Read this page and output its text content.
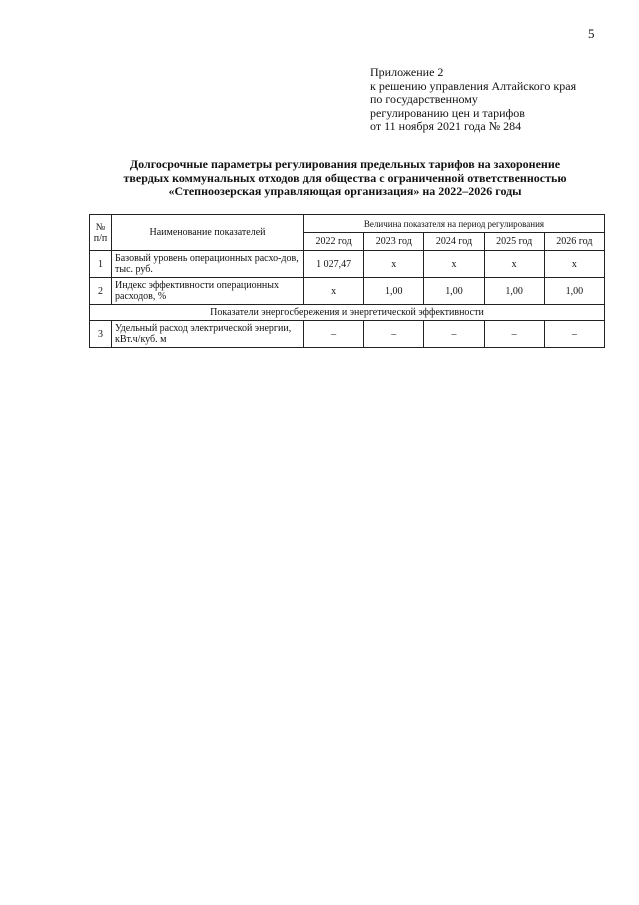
5
Приложение 2
к решению управления Алтайского края
по государственному
регулированию цен и тарифов
от 11 ноября 2021 года № 284
Долгосрочные параметры регулирования предельных тарифов на захоронение
твердых коммунальных отходов для общества с ограниченной ответственностью
«Степноозерская управляющая организация» на 2022–2026 годы
№ п/п	Наименование показателей	Величина показателя на период регулирования				
		2022 год	2023 год	2024 год	2025 год	2026 год
1	Базовый уровень операционных расхо-дов, тыс. руб.	1 027,47	х	х	х	х
2	Индекс эффективности операционных расходов, %	х	1,00	1,00	1,00	1,00
Показатели энергосбережения и энергетической эффективности						
3	Удельный расход электрической энергии, кВт.ч/куб. м	–	–	–	–	–
